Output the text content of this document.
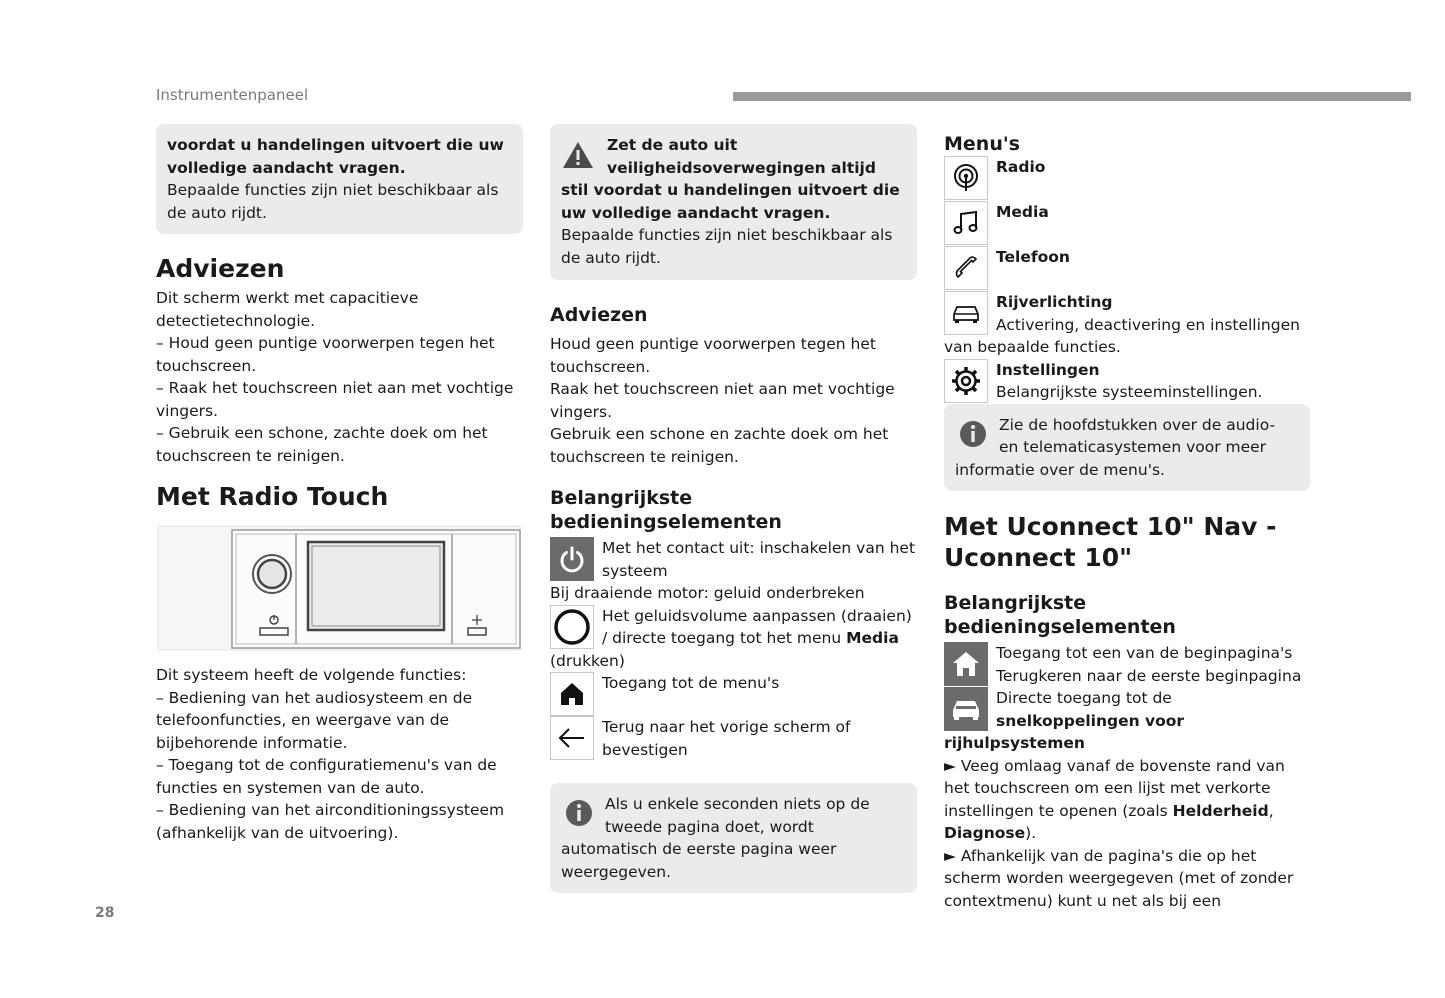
Instrumentenpaneel

voordat u handelingen uitvoert die uw volledige aandacht vragen.

Bepaalde functies zijn niet beschikbaar als de auto rijdt.

Adviezen

Dit scherm werkt met capacitieve detectietechnologie.

– Houd geen puntige voorwerpen tegen het touchscreen.

– Raak het touchscreen niet aan met vochtige vingers.

– Gebruik een schone, zachte doek om het touchscreen te reinigen.

Met Radio Touch

Dit systeem heeft de volgende functies:

– Bediening van het audiosysteem en de telefoonfuncties, en weergave van de bijbehorende informatie.

– Toegang tot de configuratiemenu's van de functies en systemen van de auto.

– Bediening van het airconditioningssysteem (afhankelijk van de uitvoering).

Zet de auto uit veiligheidsoverwegingen altijd stil voordat u handelingen uitvoert die uw volledige aandacht vragen.

Bepaalde functies zijn niet beschikbaar als de auto rijdt.

Adviezen

Houd geen puntige voorwerpen tegen het touchscreen.

Raak het touchscreen niet aan met vochtige vingers.

Gebruik een schone en zachte doek om het touchscreen te reinigen.

Belangrijkste bedieningselementen

Met het contact uit: inschakelen van het systeem

Bij draaiende motor: geluid onderbreken

Het geluidsvolume aanpassen (draaien) / directe toegang tot het menu Media (drukken)

Toegang tot de menu's

Terug naar het vorige scherm of bevestigen

Als u enkele seconden niets op de tweede pagina doet, wordt automatisch de eerste pagina weer weergegeven.

Menu's

Radio

Media

Telefoon

Rijverlichting

Activering, deactivering en instellingen van bepaalde functies.

Instellingen

Belangrijkste systeeminstellingen.

Zie de hoofdstukken over de audio- en telematicasystemen voor meer informatie over de menu's.

Met Uconnect 10" Nav -
Uconnect 10"
Belangrijkste bedieningselementen

Toegang tot een van de beginpagina's

Terugkeren naar de eerste beginpagina

Directe toegang tot de snelkoppelingen voor rijhulpsystemen

► Veeg omlaag vanaf de bovenste rand van het touchscreen om een lijst met verkorte instellingen te openen (zoals Helderheid, Diagnose).

► Afhankelijk van de pagina's die op het scherm worden weergegeven (met of zonder contextmenu) kunt u net als bij een

28
